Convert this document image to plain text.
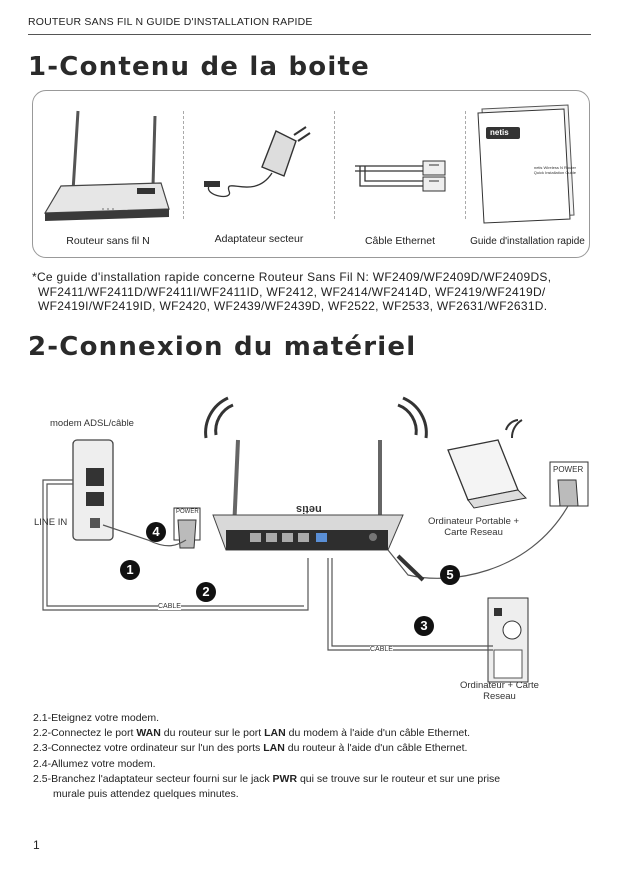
ROUTEUR SANS FIL N GUIDE D'INSTALLATION RAPIDE
1-Contenu de la boite
Routeur sans fil N	Adaptateur secteur	Câble Ethernet
netis
netis Wireless N Router
Quick Installation Guide
Guide d'installation rapide

*Ce guide d'installation rapide concerne Routeur Sans Fil N: WF2409/WF2409D/WF2409DS,

WF2411/WF2411D/WF2411I/WF2411ID, WF2412, WF2414/WF2414D, WF2419/WF2419D/

WF2419I/WF2419ID, WF2420, WF2439/WF2439D, WF2522, WF2533, WF2631/WF2631D.

2-Connexion du matériel
modem ADSL/câble
LINE IN
netis
POWER
POWER
Ordinateur Portable +
Carte Reseau
Ordinateur + Carte
Reseau
CABLE
CABLE
1
2
3
4
5
2.1-Eteignez votre modem.
2.2-Connectez le port WAN du routeur sur le port LAN du modem à l'aide d'un câble Ethernet.
2.3-Connectez votre ordinateur sur l'un des ports LAN du routeur à l'aide d'un câble Ethernet.
2.4-Allumez votre modem.
2.5-Branchez l'adaptateur secteur fourni sur le jack PWR qui se trouve sur le routeur et sur une prise
murale puis attendez quelques minutes.
1
